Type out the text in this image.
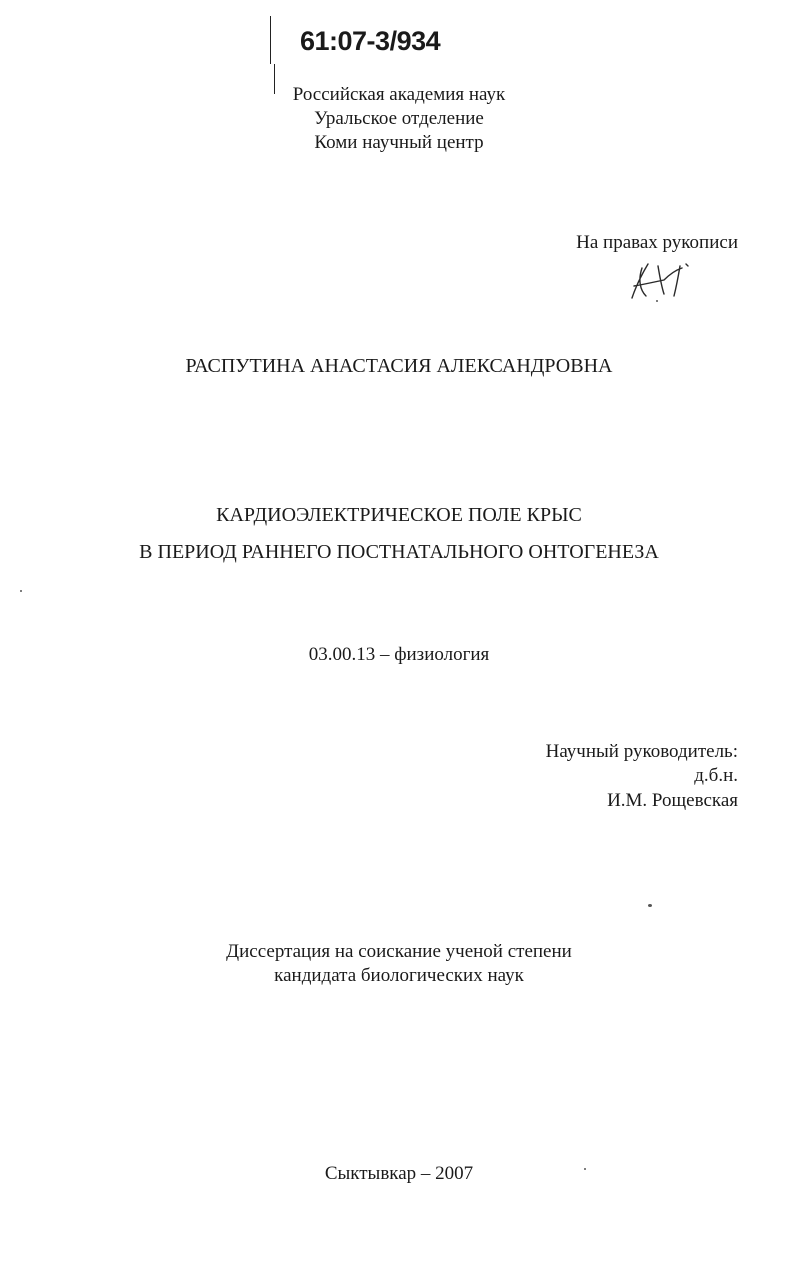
61:07-3/934
Российская академия наук
Уральское отделение
Коми научный центр
На правах рукописи
РАСПУТИНА АНАСТАСИЯ АЛЕКСАНДРОВНА
КАРДИОЭЛЕКТРИЧЕСКОЕ ПОЛЕ КРЫС
В ПЕРИОД РАННЕГО ПОСТНАТАЛЬНОГО ОНТОГЕНЕЗА
03.00.13 – физиология
Научный руководитель:
д.б.н.
И.М. Рощевская
Диссертация на соискание ученой степени
кандидата биологических наук
Сыктывкар – 2007
